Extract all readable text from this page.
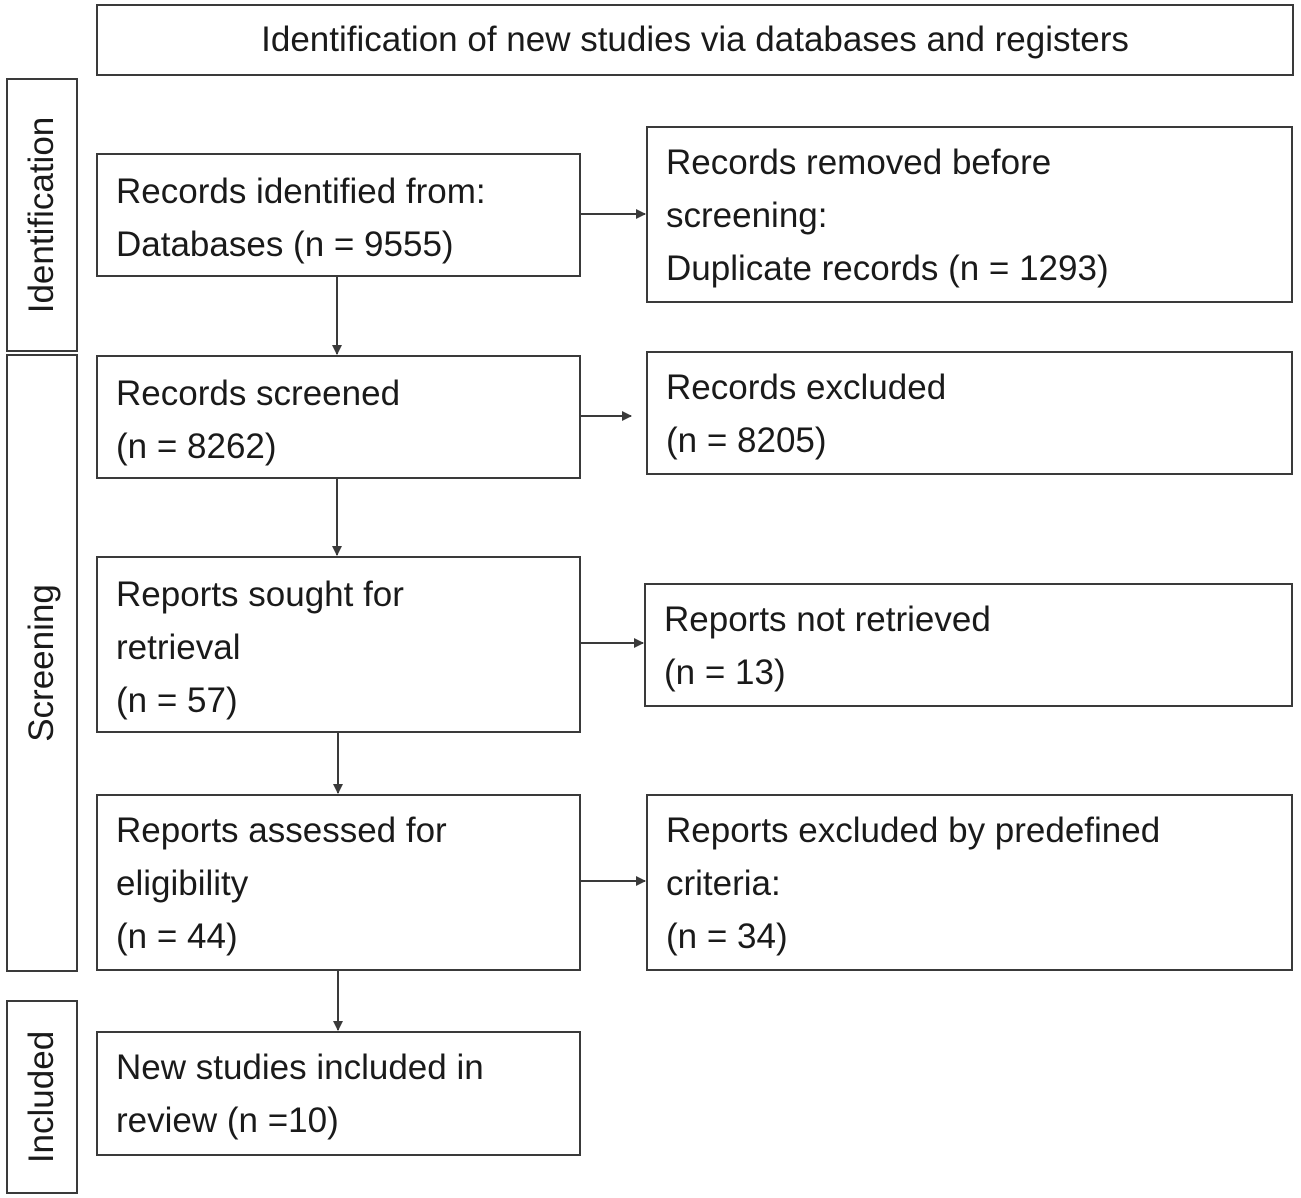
Identification of new studies via databases and registers
Identification
Screening
Included
Records identified from:
Databases (n = 9555)
Records screened
(n = 8262)
Reports sought for
retrieval
(n = 57)
Reports assessed for
eligibility
(n = 44)
New studies included in
review (n =10)
Records removed before
screening:
Duplicate records (n = 1293)
Records excluded
(n = 8205)
Reports not retrieved
(n = 13)
Reports excluded by predefined
criteria:
(n = 34)
